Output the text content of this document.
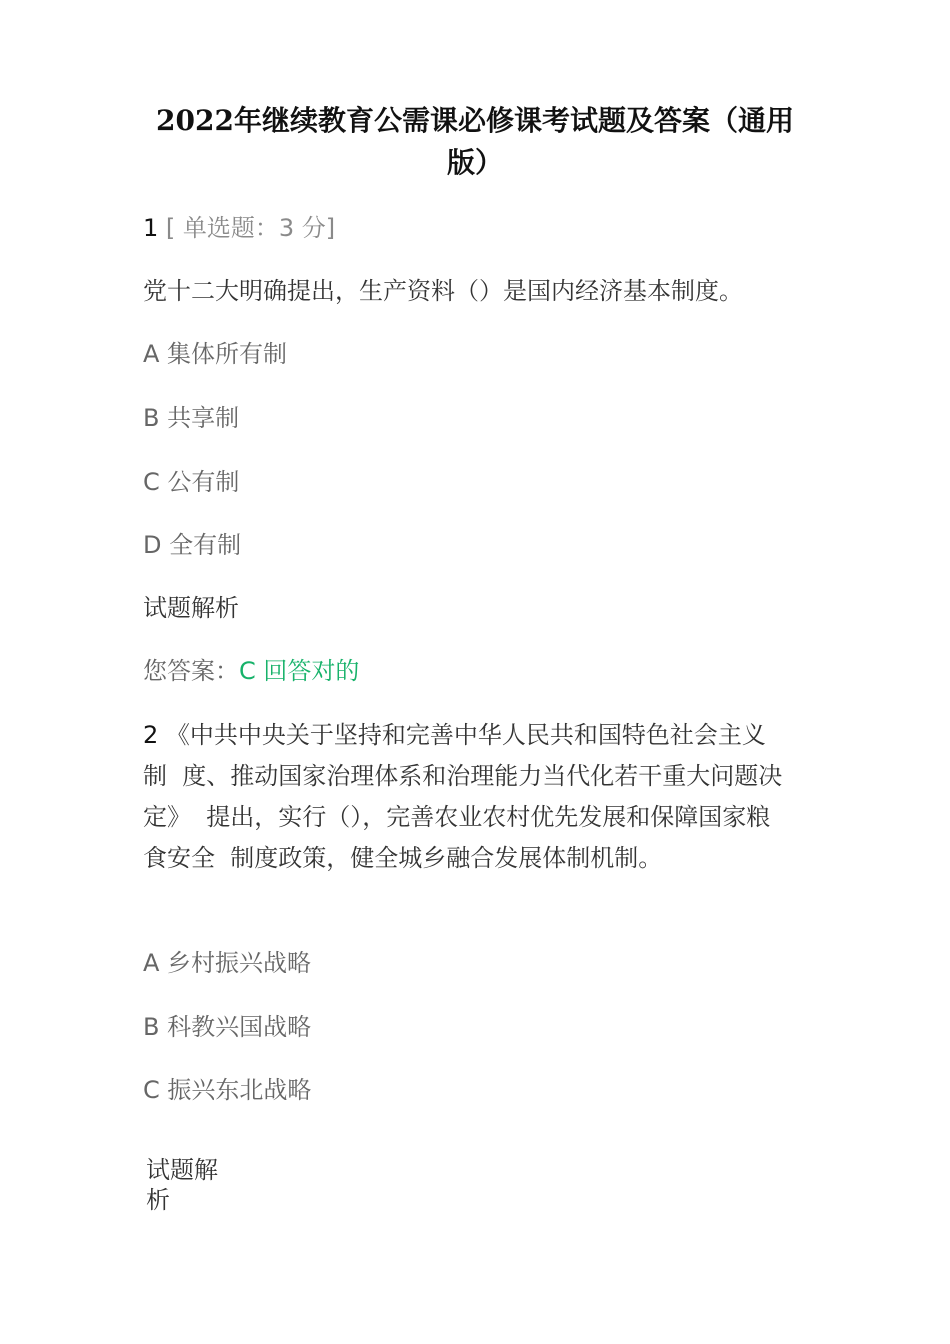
2022年继续教育公需课必修课考试题及答案（通用版）
1 [ 单选题：3 分]
党十二大明确提出，生产资料（）是国内经济基本制度。
A 集体所有制
B 共享制
C 公有制
D 全有制
试题解析
您答案：C 回答对的
2 《中共中央关于坚持和完善中华人民共和国特色社会主义制  度、推动国家治理体系和治理能力当代化若干重大问题决定》  提出，实行（），完善农业农村优先发展和保障国家粮食安全  制度政策，健全城乡融合发展体制机制。
A 乡村振兴战略
B 科教兴国战略
C 振兴东北战略
试题解析
